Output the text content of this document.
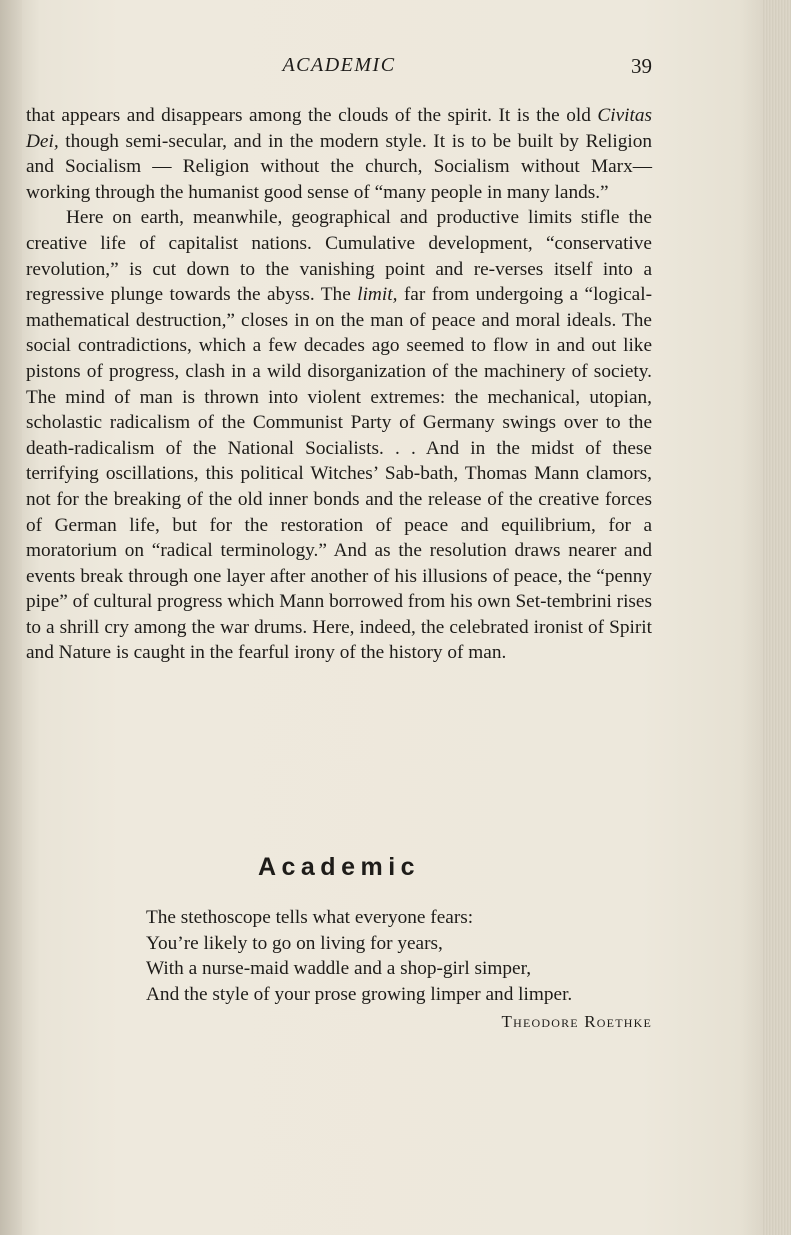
ACADEMIC	39

that appears and disappears among the clouds of the spirit. It is the old Civitas Dei, though semi-secular, and in the modern style. It is to be built by Religion and Socialism — Religion without the church, Socialism without Marx—working through the humanist good sense of “many people in many lands.”

Here on earth, meanwhile, geographical and productive limits stifle the creative life of capitalist nations. Cumulative development, “conservative revolution,” is cut down to the vanishing point and re-verses itself into a regressive plunge towards the abyss. The limit, far from undergoing a “logical-mathematical destruction,” closes in on the man of peace and moral ideals. The social contradictions, which a few decades ago seemed to flow in and out like pistons of progress, clash in a wild disorganization of the machinery of society. The mind of man is thrown into violent extremes: the mechanical, utopian, scholastic radicalism of the Communist Party of Germany swings over to the death-radicalism of the National Socialists. . . And in the midst of these terrifying oscillations, this political Witches’ Sab-bath, Thomas Mann clamors, not for the breaking of the old inner bonds and the release of the creative forces of German life, but for the restoration of peace and equilibrium, for a moratorium on “radical terminology.” And as the resolution draws nearer and events break through one layer after another of his illusions of peace, the “penny pipe” of cultural progress which Mann borrowed from his own Set-tembrini rises to a shrill cry among the war drums. Here, indeed, the celebrated ironist of Spirit and Nature is caught in the fearful irony of the history of man.

Academic
The stethoscope tells what everyone fears:
You’re likely to go on living for years,
With a nurse-maid waddle and a shop-girl simper,
And the style of your prose growing limper and limper.
Theodore Roethke
